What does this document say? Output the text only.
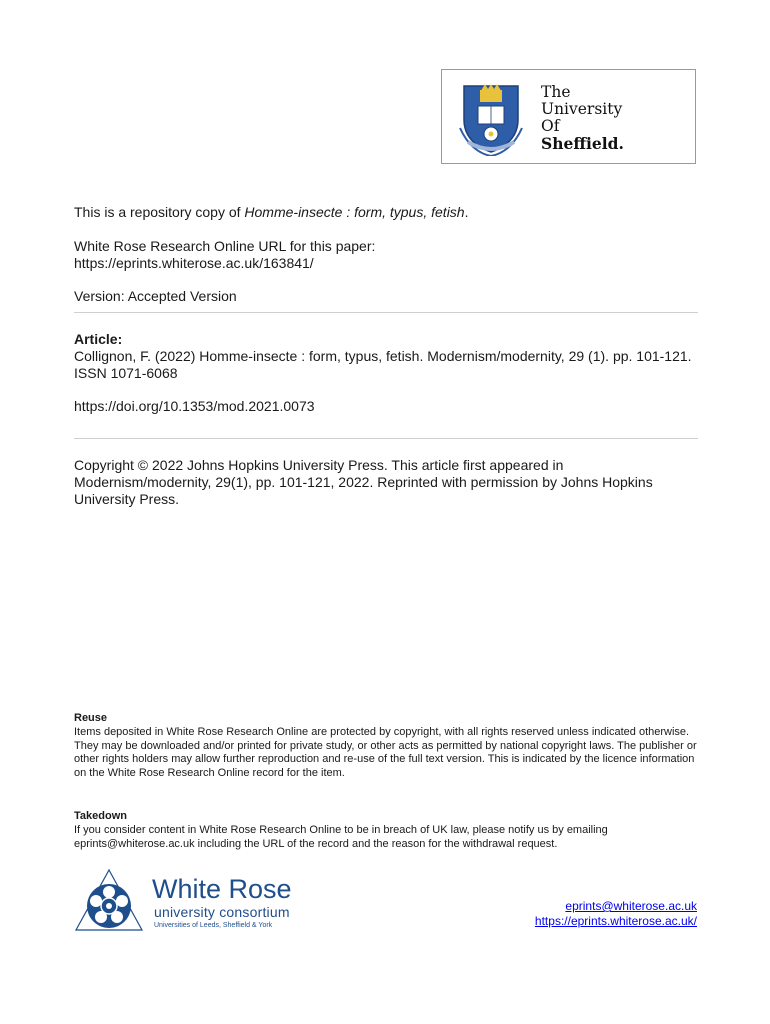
The
University
Of
Sheffield.
This is a repository copy of Homme-insecte : form, typus, fetish.
White Rose Research Online URL for this paper:
https://eprints.whiterose.ac.uk/163841/
Version: Accepted Version
Article:
Collignon, F. (2022) Homme-insecte : form, typus, fetish. Modernism/modernity, 29 (1). pp. 101-121. ISSN 1071-6068
https://doi.org/10.1353/mod.2021.0073
Copyright © 2022 Johns Hopkins University Press. This article first appeared in Modernism/modernity, 29(1), pp. 101-121, 2022. Reprinted with permission by Johns Hopkins University Press.
Reuse
Items deposited in White Rose Research Online are protected by copyright, with all rights reserved unless indicated otherwise. They may be downloaded and/or printed for private study, or other acts as permitted by national copyright laws. The publisher or other rights holders may allow further reproduction and re-use of the full text version. This is indicated by the licence information on the White Rose Research Online record for the item.
Takedown
If you consider content in White Rose Research Online to be in breach of UK law, please notify us by emailing eprints@whiterose.ac.uk including the URL of the record and the reason for the withdrawal request.
White Rose
university consortium
Universities of Leeds, Sheffield & York
eprints@whiterose.ac.uk
https://eprints.whiterose.ac.uk/
